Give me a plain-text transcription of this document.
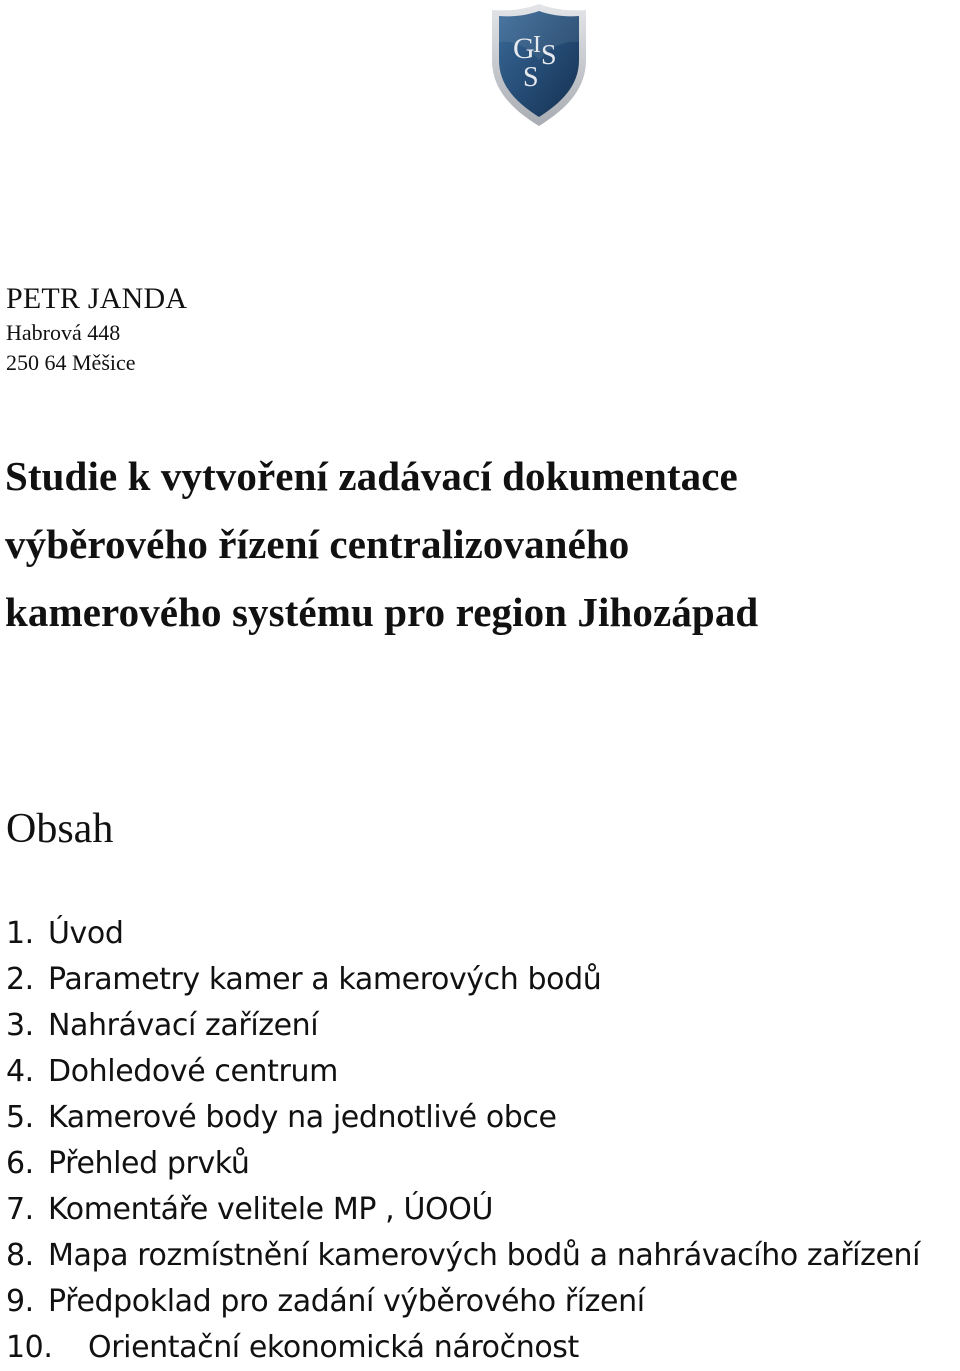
G
I S
S
PETR JANDA
Habrová 448
250 64 Měšice
Studie k vytvoření zadávací dokumentace
výběrového řízení centralizovaného
kamerového systému pro region Jihozápad
Obsah
1. Úvod
2. Parametry kamer a kamerových bodů
3. Nahrávací zařízení
4. Dohledové centrum
5. Kamerové body na jednotlivé obce
6. Přehled prvků
7. Komentáře velitele MP , ÚOOÚ
8. Mapa rozmístnění kamerových bodů a nahrávacího zařízení
9. Předpoklad pro zadání výběrového řízení
10.	Orientační ekonomická náročnost
